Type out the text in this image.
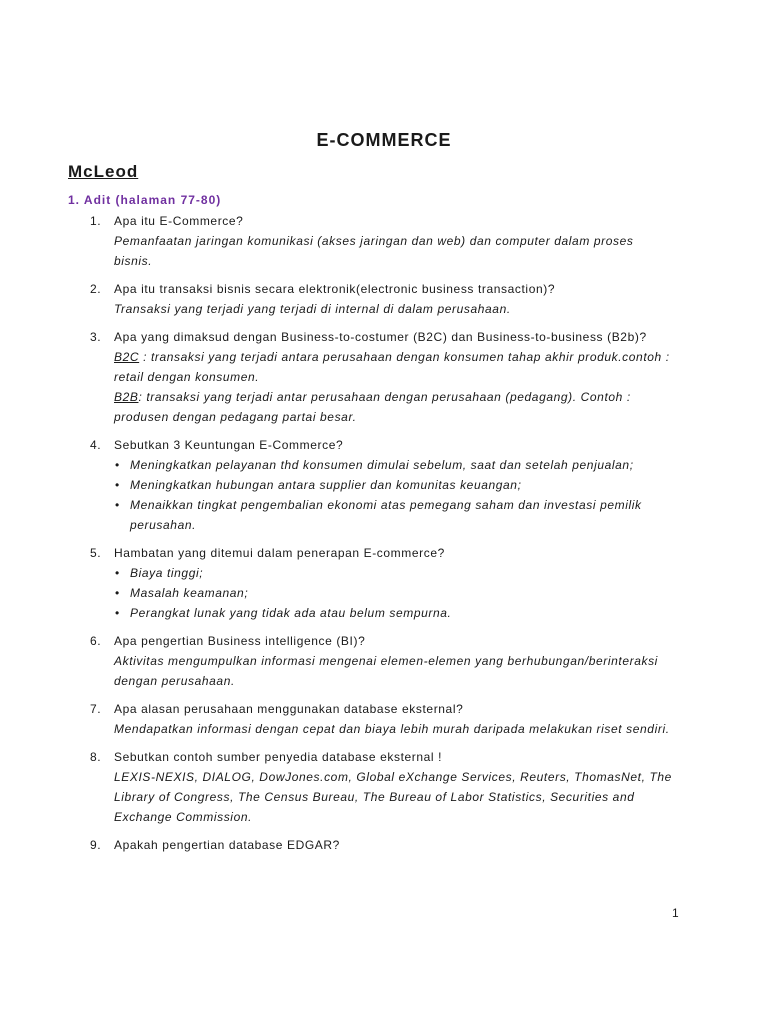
E-COMMERCE
McLeod
1. Adit (halaman 77-80)
1. Apa itu E-Commerce?
Pemanfaatan jaringan komunikasi (akses jaringan dan web) dan computer dalam proses bisnis.
2. Apa itu transaksi bisnis secara elektronik(electronic business transaction)?
Transaksi yang terjadi yang terjadi di internal di dalam perusahaan.
3. Apa yang dimaksud dengan Business-to-costumer (B2C) dan Business-to-business (B2b)?
B2C : transaksi yang terjadi antara perusahaan dengan konsumen tahap akhir produk.contoh : retail dengan konsumen.
B2B: transaksi yang terjadi antar perusahaan dengan perusahaan (pedagang). Contoh : produsen dengan pedagang partai besar.
4. Sebutkan 3 Keuntungan E-Commerce?
• Meningkatkan pelayanan thd konsumen dimulai sebelum, saat dan setelah penjualan;
• Meningkatkan hubungan antara supplier dan komunitas keuangan;
• Menaikkan tingkat pengembalian ekonomi atas pemegang saham dan investasi pemilik perusahan.
5. Hambatan yang ditemui dalam penerapan E-commerce?
• Biaya tinggi;
• Masalah keamanan;
• Perangkat lunak yang tidak ada atau belum sempurna.
6. Apa pengertian Business intelligence (BI)?
Aktivitas mengumpulkan informasi mengenai elemen-elemen yang berhubungan/berinteraksi dengan perusahaan.
7. Apa alasan perusahaan menggunakan database eksternal?
Mendapatkan informasi dengan cepat dan biaya lebih murah daripada melakukan riset sendiri.
8. Sebutkan contoh sumber penyedia database eksternal !
LEXIS-NEXIS, DIALOG, DowJones.com, Global eXchange Services, Reuters, ThomasNet, The Library of Congress, The Census Bureau, The Bureau of Labor Statistics, Securities and Exchange Commission.
9. Apakah pengertian database EDGAR?
1
